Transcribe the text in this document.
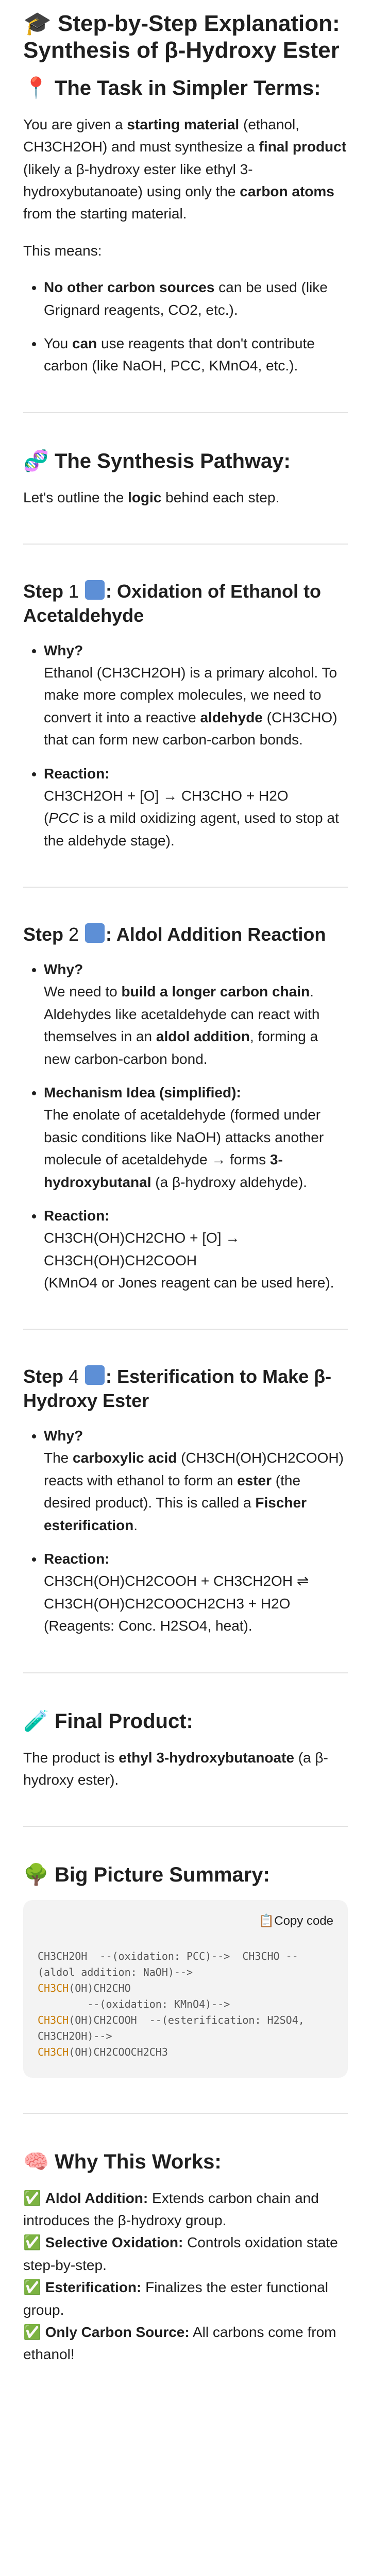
🎓 Step-by-Step Explanation: Synthesis of β-Hydroxy Ester
📍 The Task in Simpler Terms:

You are given a starting material (ethanol, CH3CH2OH) and must synthesize a final product (likely a β-hydroxy ester like ethyl 3-hydroxybutanoate) using only the carbon atoms from the starting material.

This means:

• No other carbon sources can be used (like Grignard reagents, CO2, etc.).
• You can use reagents that don't contribute carbon (like NaOH, PCC, KMnO4, etc.).
🧬 The Synthesis Pathway:

Let's outline the logic behind each step.

Step 1 : Oxidation of Ethanol to Acetaldehyde
• Why?
Ethanol (CH3CH2OH) is a primary alcohol. To make more complex molecules, we need to convert it into a reactive aldehyde (CH3CHO) that can form new carbon-carbon bonds.
• Reaction:
CH3CH2OH + [O] → CH3CHO + H2O
(PCC is a mild oxidizing agent, used to stop at the aldehyde stage).
Step 2 : Aldol Addition Reaction
• Why?
We need to build a longer carbon chain. Aldehydes like acetaldehyde can react with themselves in an aldol addition, forming a new carbon-carbon bond.
• Mechanism Idea (simplified):
The enolate of acetaldehyde (formed under basic conditions like NaOH) attacks another molecule of acetaldehyde → forms 3-hydroxybutanal (a β-hydroxy aldehyde).
• Reaction:
CH3CH(OH)CH2CHO + [O] → CH3CH(OH)CH2COOH
(KMnO4 or Jones reagent can be used here).
Step 4 : Esterification to Make β-Hydroxy Ester
• Why?
The carboxylic acid (CH3CH(OH)CH2COOH) reacts with ethanol to form an ester (the desired product). This is called a Fischer esterification.
• Reaction:
CH3CH(OH)CH2COOH + CH3CH2OH ⇌ CH3CH(OH)CH2COOCH2CH3 + H2O
(Reagents: Conc. H2SO4, heat).
🧪 Final Product:

The product is ethyl 3-hydroxybutanoate (a β-hydroxy ester).

🌳 Big Picture Summary:
📋Copy code
CH3CH2OH  --(oxidation: PCC)-->  CH3CHO --(aldol addition: NaOH)-->
CH3CH(OH)CH2CHO
--(oxidation: KMnO4)-->
CH3CH(OH)CH2COOH  --(esterification: H2SO4, CH3CH2OH)-->
CH3CH(OH)CH2COOCH2CH3
🧠 Why This Works:

✅ Aldol Addition: Extends carbon chain and introduces the β-hydroxy group.

✅ Selective Oxidation: Controls oxidation state step-by-step.

✅ Esterification: Finalizes the ester functional group.

✅ Only Carbon Source: All carbons come from ethanol!
